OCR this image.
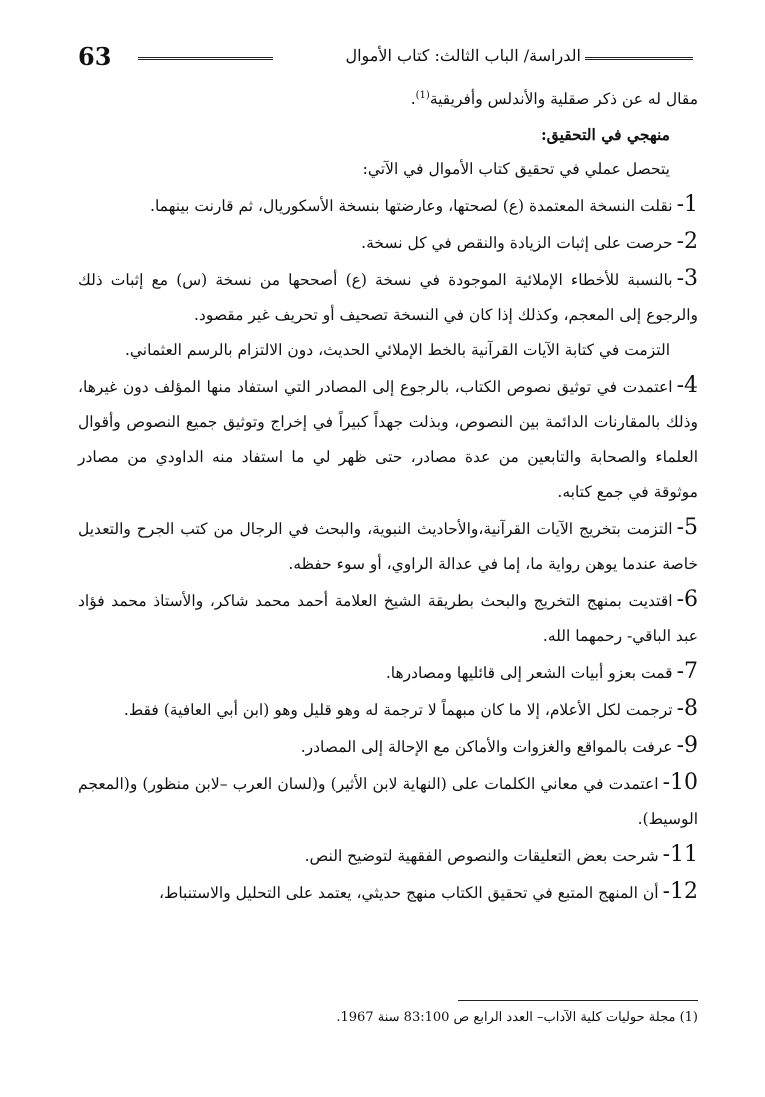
63	الدراسة/ الباب الثالث: كتاب الأموال

مقال له عن ذكر صقلية والأندلس وأفريقية$^{(1)}$.

منهجي في التحقيق:

يتحصل عملي في تحقيق كتاب الأموال في الآتي:

1-نقلت النسخة المعتمدة (ع) لصحتها، وعارضتها بنسخة الأسكوريال، ثم قارنت بينهما.

2-حرصت على إثبات الزيادة والنقص في كل نسخة.

3-بالنسبة للأخطاء الإملائية الموجودة في نسخة (ع) أصححها من نسخة (س) مع إثبات ذلك والرجوع إلى المعجم، وكذلك إذا كان في النسخة تصحيف أو تحريف غير مقصود.

التزمت في كتابة الآيات القرآنية بالخط الإملائي الحديث، دون الالتزام بالرسم العثماني.

4-اعتمدت في توثيق نصوص الكتاب، بالرجوع إلى المصادر التي استفاد منها المؤلف دون غيرها، وذلك بالمقارنات الدائمة بين النصوص، وبذلت جهداً كبيراً في إخراج وتوثيق جميع النصوص وأقوال العلماء والصحابة والتابعين من عدة مصادر، حتى ظهر لي ما استفاد منه الداودي من مصادر موثوقة في جمع كتابه.

5-التزمت بتخريج الآيات القرآنية،والأحاديث النبوية، والبحث في الرجال من كتب الجرح والتعديل خاصة عندما يوهن رواية ما، إما في عدالة الراوي، أو سوء حفظه.

6-اقتديت بمنهج التخريج والبحث بطريقة الشيخ العلامة أحمد محمد شاكر، والأستاذ محمد فؤاد عبد الباقي- رحمهما الله.

7-قمت بعزو أبيات الشعر إلى قائليها ومصادرها.

8-ترجمت لكل الأعلام، إلا ما كان مبهماً لا ترجمة له وهو قليل وهو (ابن أبي العافية) فقط.

9-عرفت بالمواقع والغزوات والأماكن مع الإحالة إلى المصادر.

10-اعتمدت في معاني الكلمات على (النهاية لابن الأثير) و(لسان العرب –لابن منظور) و(المعجم الوسيط).

11-شرحت بعض التعليقات والنصوص الفقهية لتوضيح النص.

12-أن المنهج المتبع في تحقيق الكتاب منهج حديثي، يعتمد على التحليل والاستنباط،

(1) مجلة حوليات كلية الآداب– العدد الرابع ص 83:100 سنة 1967.
